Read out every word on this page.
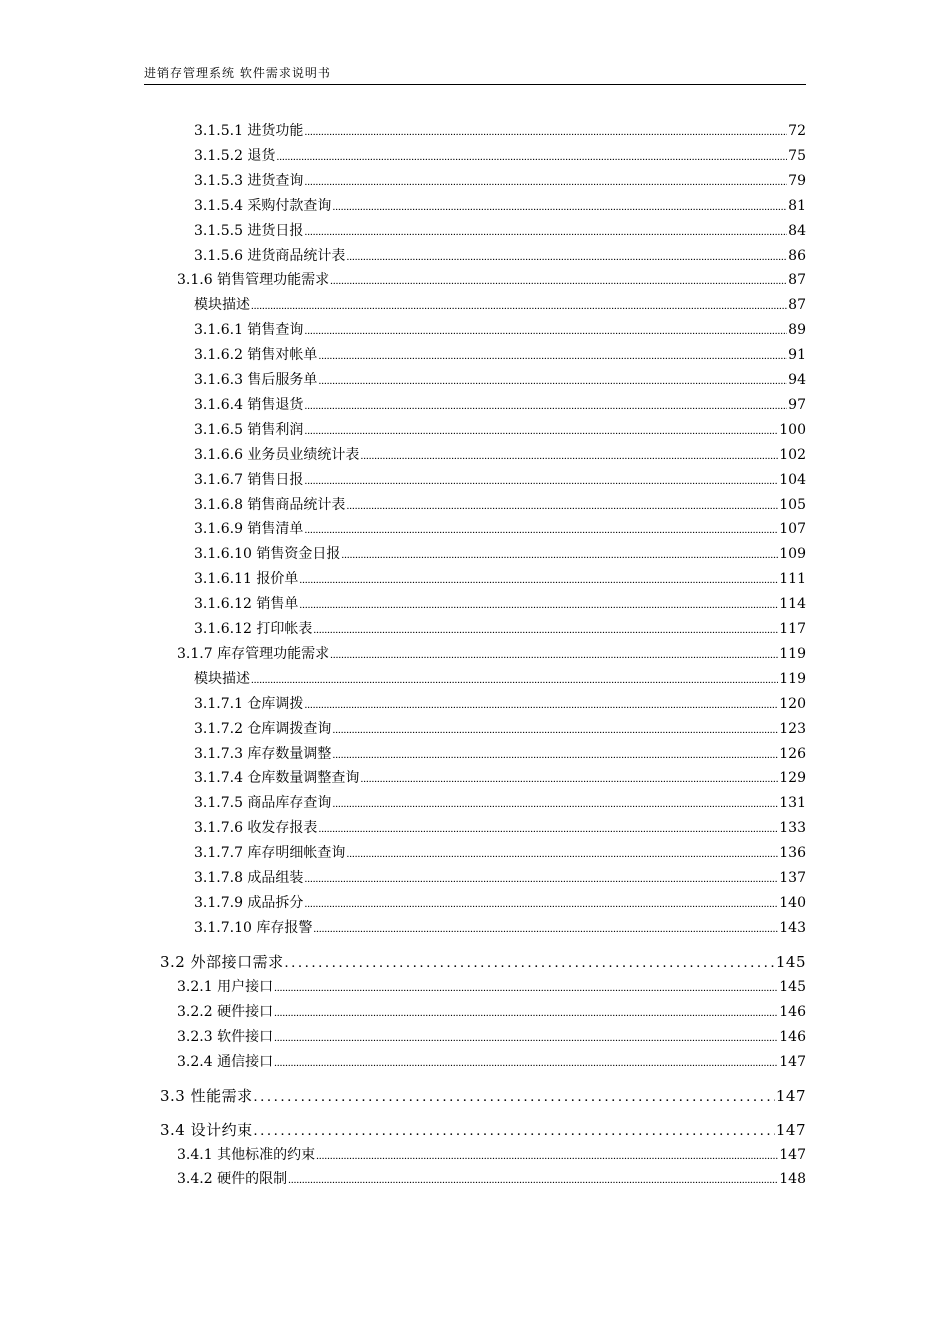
进销存管理系统 软件需求说明书
3.1.5.1 进货功能 .....	72
3.1.5.2 退货 .....	75
3.1.5.3 进货查询 .....	79
3.1.5.4 采购付款查询 .....	81
3.1.5.5 进货日报 .....	84
3.1.5.6 进货商品统计表 .....	86
3.1.6 销售管理功能需求 .....	87
模块描述 .....	87
3.1.6.1 销售查询 .....	89
3.1.6.2 销售对帐单 .....	91
3.1.6.3 售后服务单 .....	94
3.1.6.4 销售退货 .....	97
3.1.6.5 销售利润 .....	100
3.1.6.6 业务员业绩统计表 .....	102
3.1.6.7 销售日报 .....	104
3.1.6.8 销售商品统计表 .....	105
3.1.6.9 销售清单 .....	107
3.1.6.10 销售资金日报 .....	109
3.1.6.11 报价单 .....	111
3.1.6.12 销售单 .....	114
3.1.6.12 打印帐表 .....	117
3.1.7 库存管理功能需求 .....	119
模块描述 .....	119
3.1.7.1 仓库调拨 .....	120
3.1.7.2 仓库调拨查询 .....	123
3.1.7.3 库存数量调整 .....	126
3.1.7.4 仓库数量调整查询 .....	129
3.1.7.5 商品库存查询 .....	131
3.1.7.6 收发存报表 .....	133
3.1.7.7 库存明细帐查询 .....	136
3.1.7.8 成品组装 .....	137
3.1.7.9 成品拆分 .....	140
3.1.7.10 库存报警 .....	143
3.2 外部接口需求 .....	145
3.2.1 用户接口 .....	145
3.2.2 硬件接口 .....	146
3.2.3 软件接口 .....	146
3.2.4 通信接口 .....	147
3.3 性能需求 .....	147
3.4 设计约束 .....	147
3.4.1 其他标准的约束 .....	147
3.4.2 硬件的限制 .....	148
